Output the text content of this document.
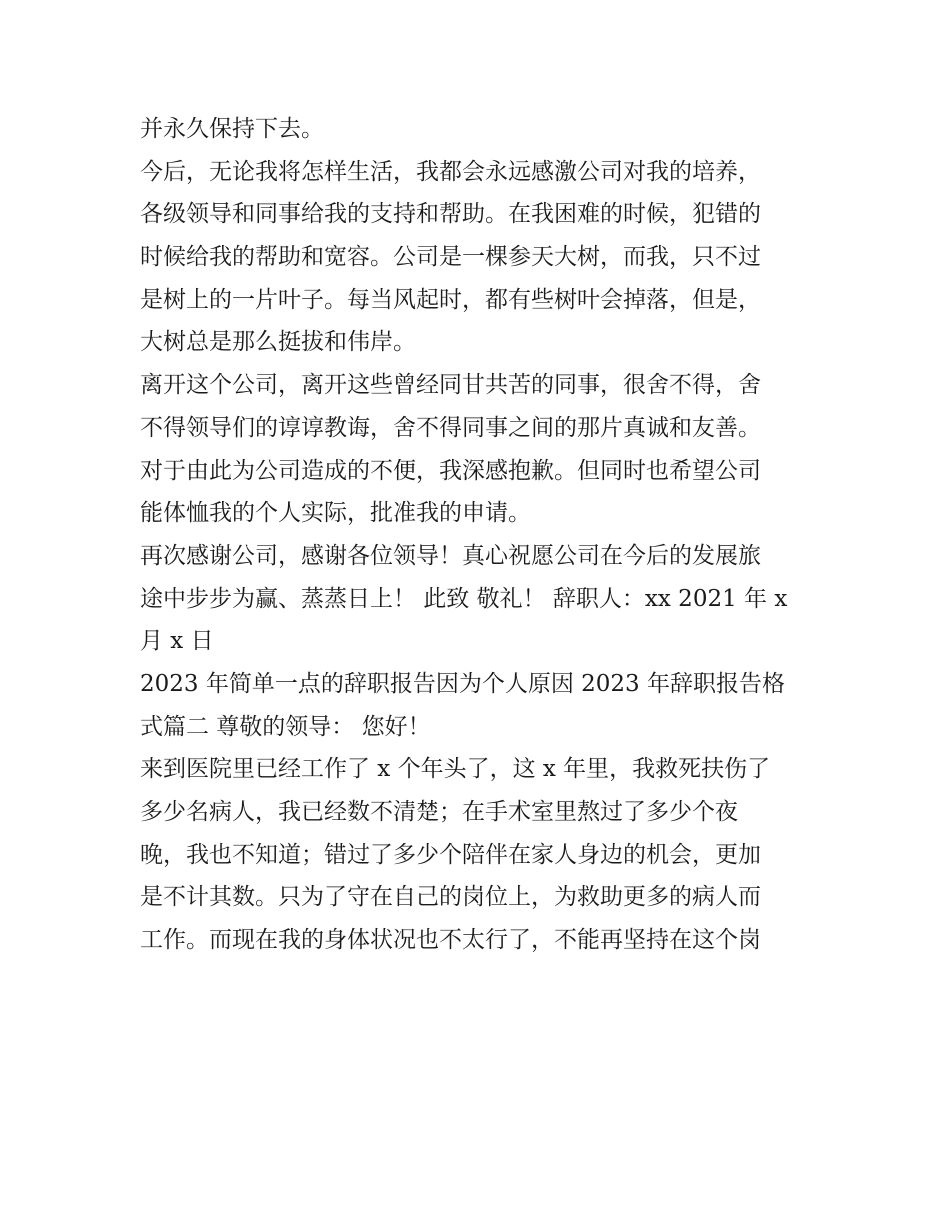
并永久保持下去。
今后，无论我将怎样生活，我都会永远感激公司对我的培养，
各级领导和同事给我的支持和帮助。在我困难的时候，犯错的
时候给我的帮助和宽容。公司是一棵参天大树，而我，只不过
是树上的一片叶子。每当风起时，都有些树叶会掉落，但是，
大树总是那么挺拔和伟岸。
离开这个公司，离开这些曾经同甘共苦的同事，很舍不得，舍
不得领导们的谆谆教诲，舍不得同事之间的那片真诚和友善。
对于由此为公司造成的不便，我深感抱歉。但同时也希望公司
能体恤我的个人实际，批准我的申请。
再次感谢公司，感谢各位领导！真心祝愿公司在今后的发展旅
途中步步为赢、蒸蒸日上！ 此致 敬礼！ 辞职人：xx 2021 年 x
月 x 日
2023 年简单一点的辞职报告因为个人原因 2023 年辞职报告格
式篇二 尊敬的领导： 您好！
来到医院里已经工作了 x 个年头了，这 x 年里，我救死扶伤了
多少名病人，我已经数不清楚；在手术室里熬过了多少个夜
晚，我也不知道；错过了多少个陪伴在家人身边的机会，更加
是不计其数。只为了守在自己的岗位上，为救助更多的病人而
工作。而现在我的身体状况也不太行了，不能再坚持在这个岗
